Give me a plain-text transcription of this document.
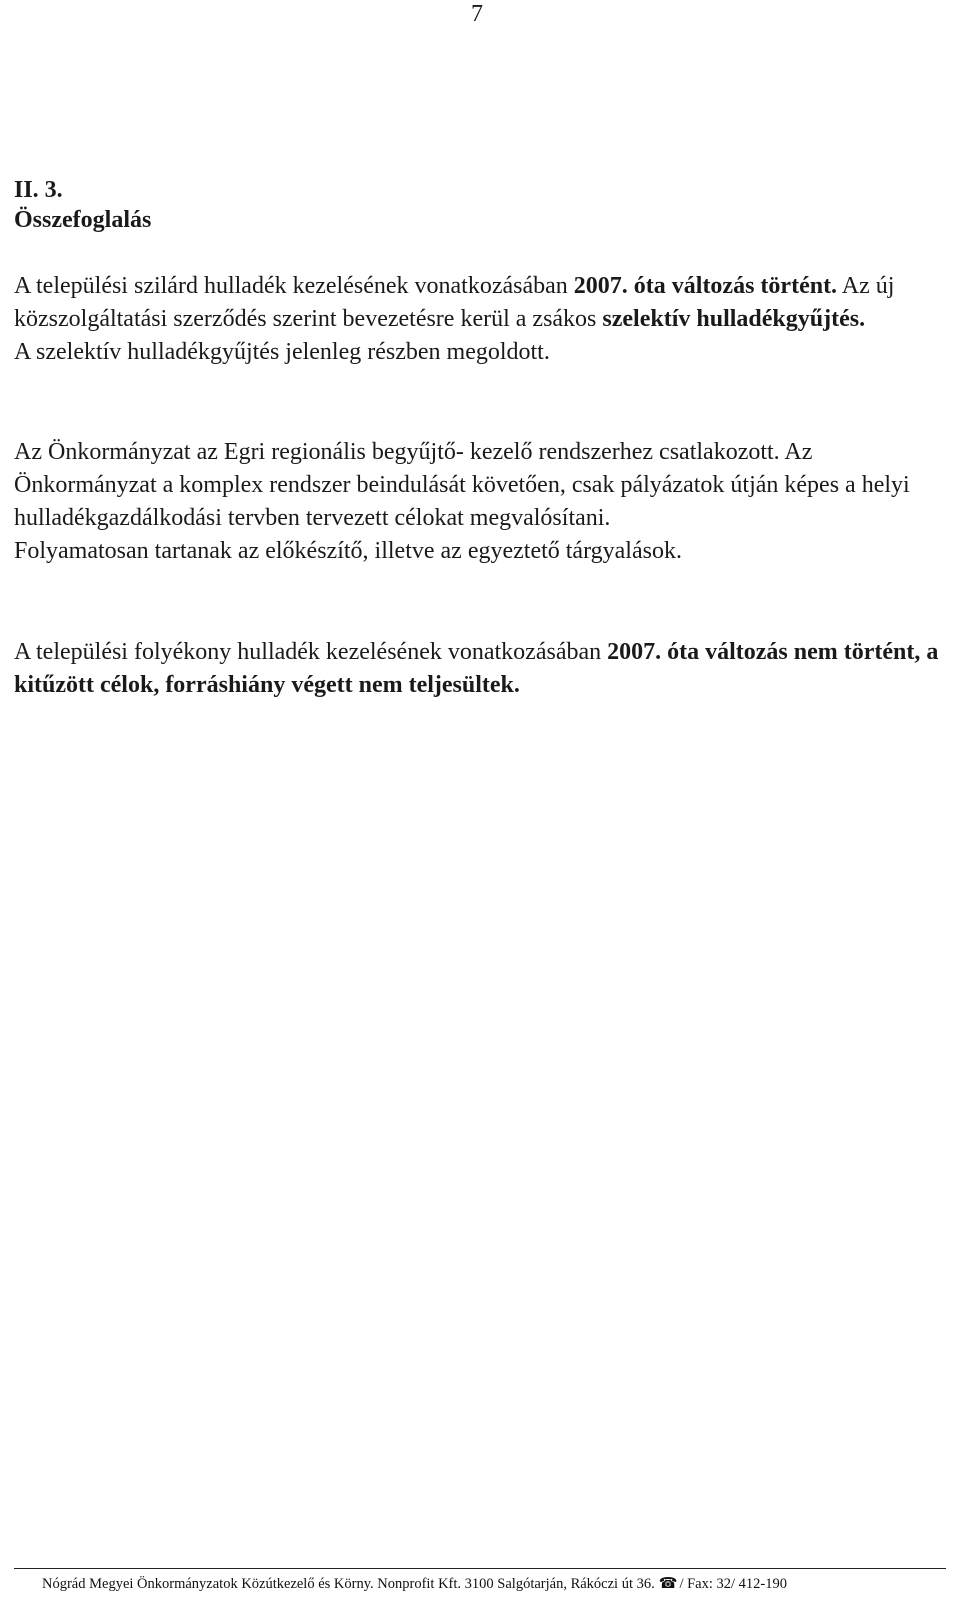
7
II. 3.
Összefoglalás

A települési szilárd hulladék kezelésének vonatkozásában 2007. óta változás történt. Az új közszolgáltatási szerződés szerint bevezetésre kerül a zsákos szelektív hulladékgyűjtés.
A szelektív hulladékgyűjtés jelenleg részben megoldott.

Az Önkormányzat az Egri regionális begyűjtő- kezelő rendszerhez csatlakozott. Az Önkormányzat a komplex rendszer beindulását követően, csak pályázatok útján képes a helyi hulladékgazdálkodási tervben tervezett célokat megvalósítani.
Folyamatosan tartanak az előkészítő, illetve az egyeztető tárgyalások.

A települési folyékony hulladék kezelésének vonatkozásában 2007. óta változás nem történt, a kitűzött célok, forráshiány végett nem teljesültek.

Nógrád Megyei Önkormányzatok Közútkezelő és Körny. Nonprofit Kft. 3100 Salgótarján, Rákóczi út 36. ☎ / Fax: 32/ 412-190
